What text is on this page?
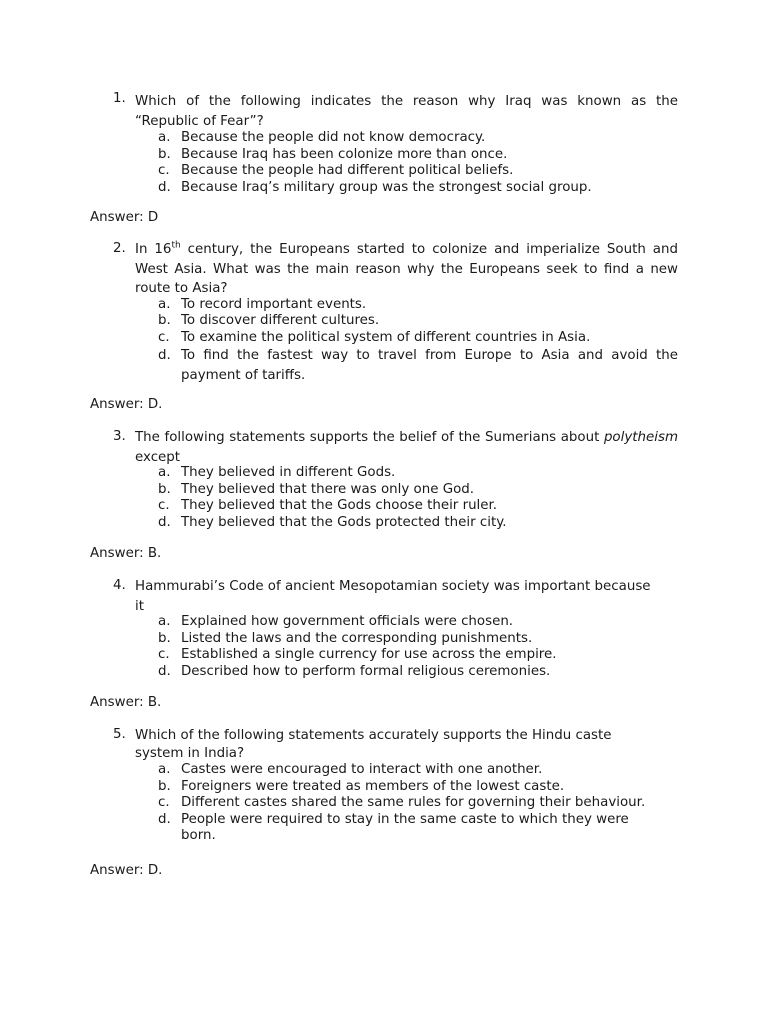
1. Which of the following indicates the reason why Iraq was known as the “Republic of Fear”?
a. Because the people did not know democracy.
b. Because Iraq has been colonize more than once.
c. Because the people had different political beliefs.
d. Because Iraq’s military group was the strongest social group.
Answer: D
2. In 16th century, the Europeans started to colonize and imperialize South and West Asia. What was the main reason why the Europeans seek to find a new route to Asia?
a. To record important events.
b. To discover different cultures.
c. To examine the political system of different countries in Asia.
d. To find the fastest way to travel from Europe to Asia and avoid the payment of tariffs.
Answer: D.
3. The following statements supports the belief of the Sumerians about polytheism except
a. They believed in different Gods.
b. They believed that there was only one God.
c. They believed that the Gods choose their ruler.
d. They believed that the Gods protected their city.
Answer: B.
4. Hammurabi’s Code of ancient Mesopotamian society was important because
it
a. Explained how government officials were chosen.
b. Listed the laws and the corresponding punishments.
c. Established a single currency for use across the empire.
d. Described how to perform formal religious ceremonies.
Answer: B.
5. Which of the following statements accurately supports the Hindu caste
system in India?
a. Castes were encouraged to interact with one another.
b. Foreigners were treated as members of the lowest caste.
c. Different castes shared the same rules for governing their behaviour.
d. People were required to stay in the same caste to which they were
born.
Answer: D.
